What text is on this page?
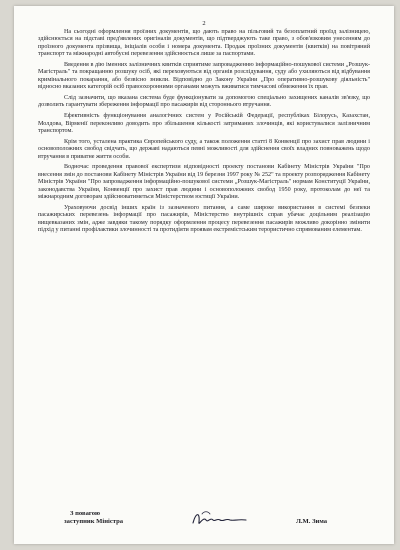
2

На сьогодні оформлення проїзних документів, що дають право на пільговий та безоплатний проїзд залізницею, здійснюється на підставі пред'явлених оригіналів документів, що підтверджують таке право, з обов'язковим унесенням до проїзного документа прізвища, ініціалів особи і номера документа. Продаж проїзних документів (квитків) на повітряний транспорт та міжнародні автобусні перевезення здійснюється лише за паспортами.

Введення в дію іменних залізничних квитків сприятиме запровадженню інформаційно-пошукової системи „Розшук-Магістраль" та покращанню розшуку осіб, які переховуються від органів розслідування, суду або ухиляються від відбування кримінального покарання, або безвісно зникли. Відповідно до Закону України „Про оперативно-розшукову діяльність" відносно вказаних категорій осіб правоохоронними органами можуть вживатися тимчасові обмеження їх прав.

Слід зазначити, що вказана система буде функціонувати за допомогою спеціально захищених каналів зв'язку, що дозволить гарантувати збереження інформації про пасажирів від стороннього втручання.

Ефективність функціонування аналогічних систем у Російській Федерації, республіках Білорусь, Казахстан, Молдова, Вірменії переконливо доводить про збільшення кількості затриманих злочинців, які користувалися залізничним транспортом.

Крім того, усталена практика Європейського суду, а також положення статті 8 Конвенції про захист прав людини і основоположних свобод свідчать, що державі надаються певні можливості для здійснення своїх владних повноважень щодо втручання в приватне життя особи.

Водночас проведення правової експертизи відповідності проекту постанови Кабінету Міністрів України "Про внесення змін до постанови Кабінету Міністрів України від 19 березня 1997 року № 252" та проекту розпорядження Кабінету Міністрів України "Про запровадження інформаційно-пошукової системи „Розшук-Магістраль" нормам Конституції України, законодавства України, Конвенції про захист прав людини і основоположних свобод 1950 року, протоколам до неї та міжнародним договорам здійснюватиметься Міністерством юстиції України.

Ураховуючи досвід інших країн із зазначеного питання, а саме широке використання в системі безпеки пасажирських перевезень інформації про пасажирів, Міністерство внутрішніх справ убачає доцільним реалізацію вищевказаних змін, адже завдяки такому порядку оформлення процесу перевезення пасажирів можливо докорінно змінити підхід у питанні профілактики злочинності та протидіяти проявам екстремістським терористично спрямованим елементам.

З повагою
заступник Міністра	Л.М. Зима
